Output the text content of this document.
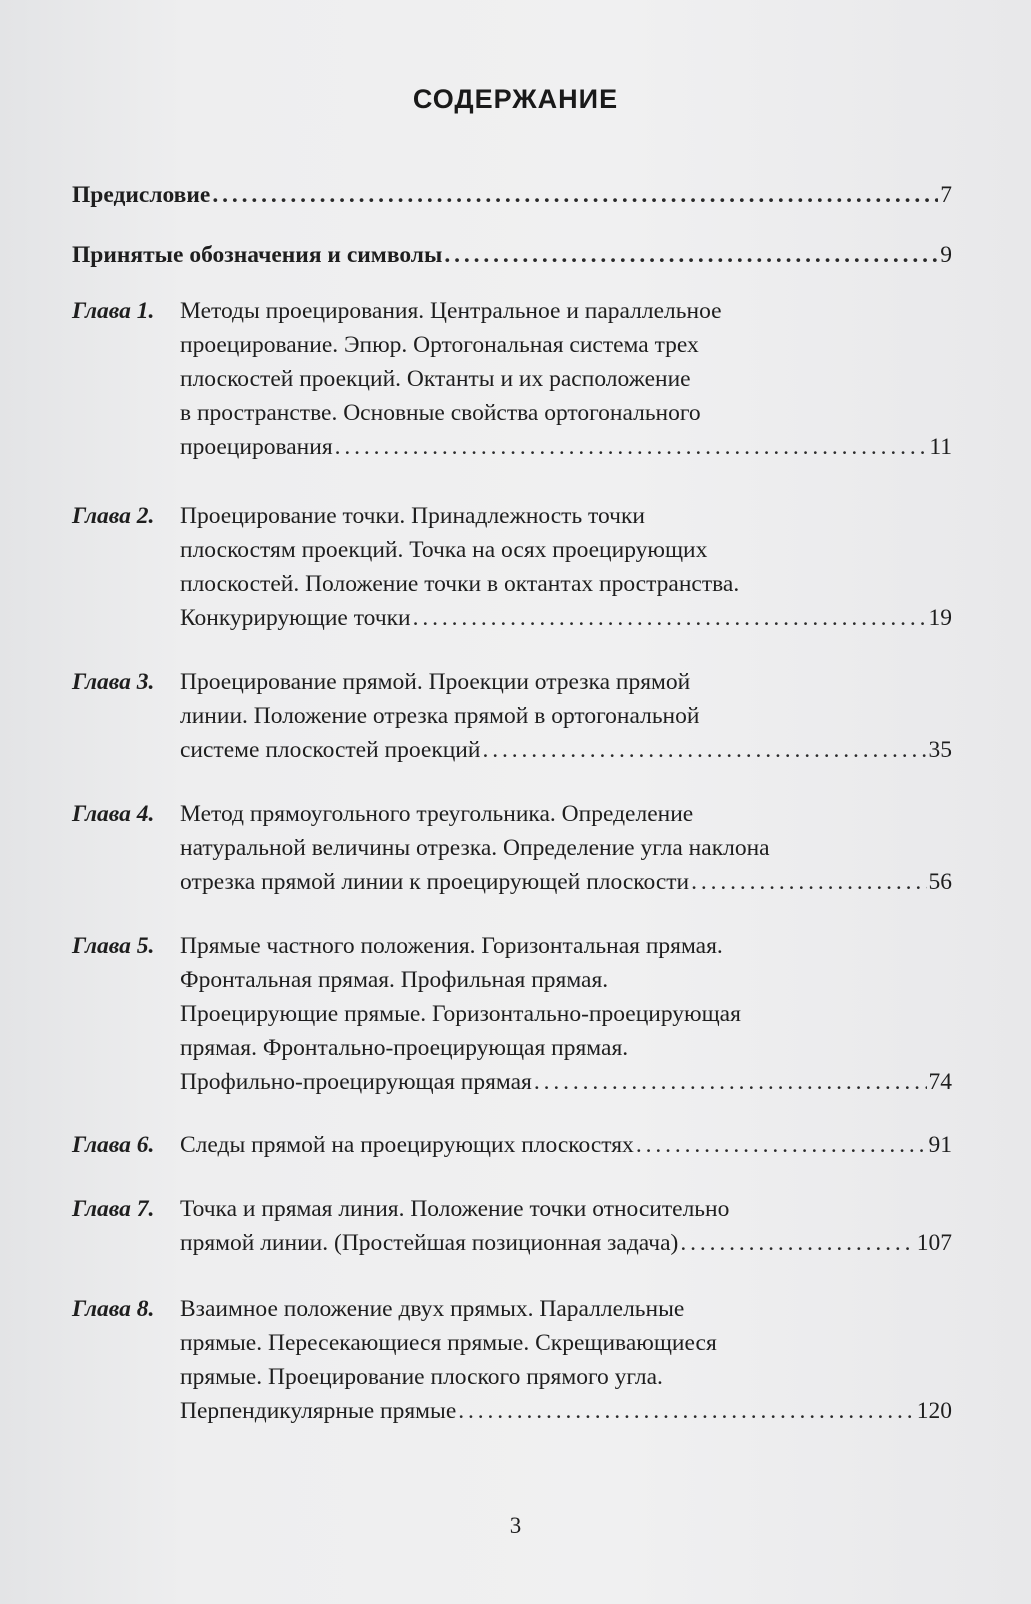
СОДЕРЖАНИЕ
Предисловие . . .	7
Принятые обозначения и символы . . .	9
Глава 1. Методы проецирования. Центральное и параллельное
проецирование. Эпюр. Ортогональная система трех
плоскостей проекций. Октанты и их расположение
в пространстве. Основные свойства ортогонального
проецирования . . .	11
Глава 2. Проецирование точки. Принадлежность точки
плоскостям проекций. Точка на осях проецирующих
плоскостей. Положение точки в октантах пространства.
Конкурирующие точки . . .	19
Глава 3. Проецирование прямой. Проекции отрезка прямой
линии. Положение отрезка прямой в ортогональной
системе плоскостей проекций . . .	35
Глава 4. Метод прямоугольного треугольника. Определение
натуральной величины отрезка. Определение угла наклона
отрезка прямой линии к проецирующей плоскости . . .	56
Глава 5. Прямые частного положения. Горизонтальная прямая.
Фронтальная прямая. Профильная прямая.
Проецирующие прямые. Горизонтально-проецирующая
прямая. Фронтально-проецирующая прямая.
Профильно-проецирующая прямая . . .	74
Глава 6. Следы прямой на проецирующих плоскостях . . .	91
Глава 7. Точка и прямая линия. Положение точки относительно
прямой линии. (Простейшая позиционная задача) . . .	107
Глава 8. Взаимное положение двух прямых. Параллельные
прямые. Пересекающиеся прямые. Скрещивающиеся
прямые. Проецирование плоского прямого угла.
Перпендикулярные прямые . . .	120
3
